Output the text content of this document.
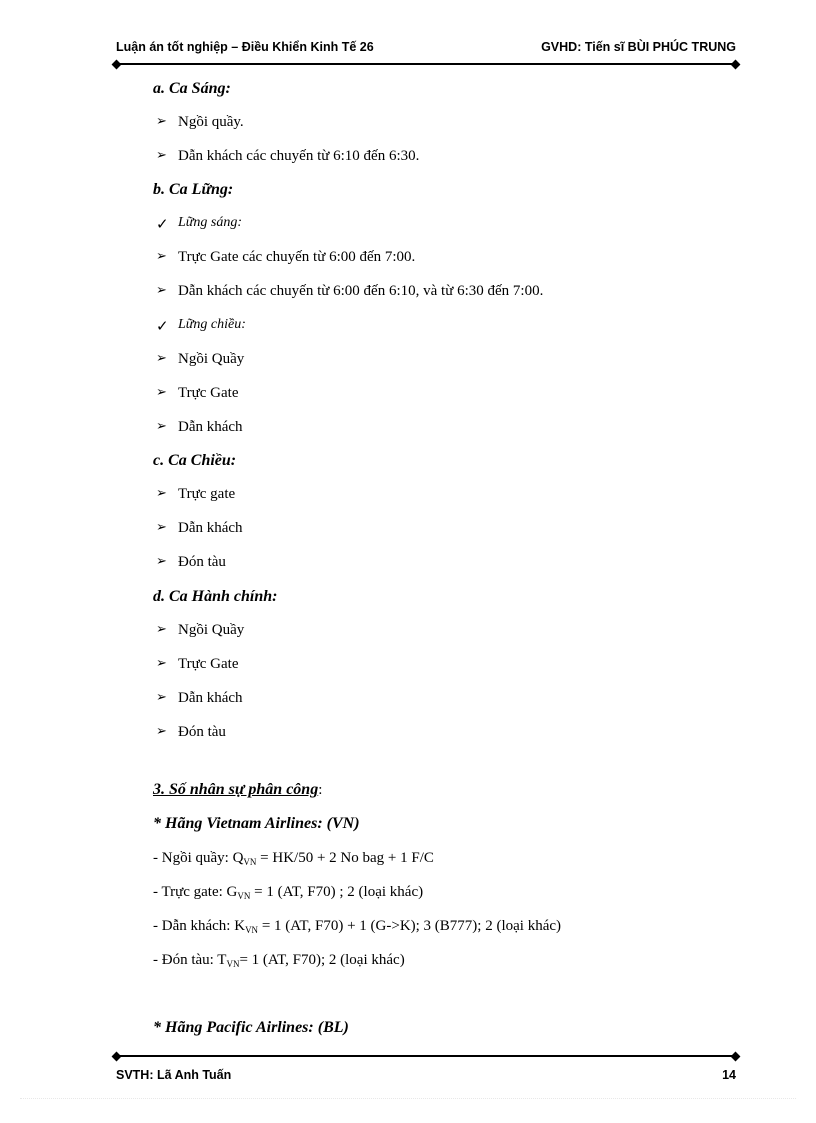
Luận án tốt nghiệp – Điều Khiển Kinh Tế 26	GVHD: Tiến sĩ BÙI PHÚC TRUNG
a. Ca Sáng:
➢ Ngồi quầy.
➢ Dẫn khách các chuyến từ 6:10 đến 6:30.
b. Ca Lững:
✓ Lững sáng:
➢ Trực Gate các chuyến từ 6:00 đến 7:00.
➢ Dẫn khách các chuyến từ 6:00 đến 6:10, và từ 6:30 đến 7:00.
✓ Lững chiều:
➢ Ngồi Quầy
➢ Trực Gate
➢ Dẫn khách
c. Ca Chiều:
➢ Trực gate
➢ Dẫn khách
➢ Đón tàu
d. Ca Hành chính:
➢ Ngồi Quầy
➢ Trực Gate
➢ Dẫn khách
➢ Đón tàu
3. Số nhân sự phân công:
* Hãng Vietnam Airlines: (VN)
- Ngồi quầy: $Q_{VN} = HK/50 + 2$ No bag + 1 F/C
- Trực gate: $G_{VN} = 1$ (AT, F70) ; 2 (loại khác)
- Dẫn khách: $K_{VN} = 1$ (AT, F70) + 1 (G->K); 3 (B777); 2 (loại khác)
- Đón tàu: $T_{VN}= 1$ (AT, F70); 2 (loại khác)
* Hãng Pacific Airlines: (BL)
SVTH: Lã Anh Tuấn	14
